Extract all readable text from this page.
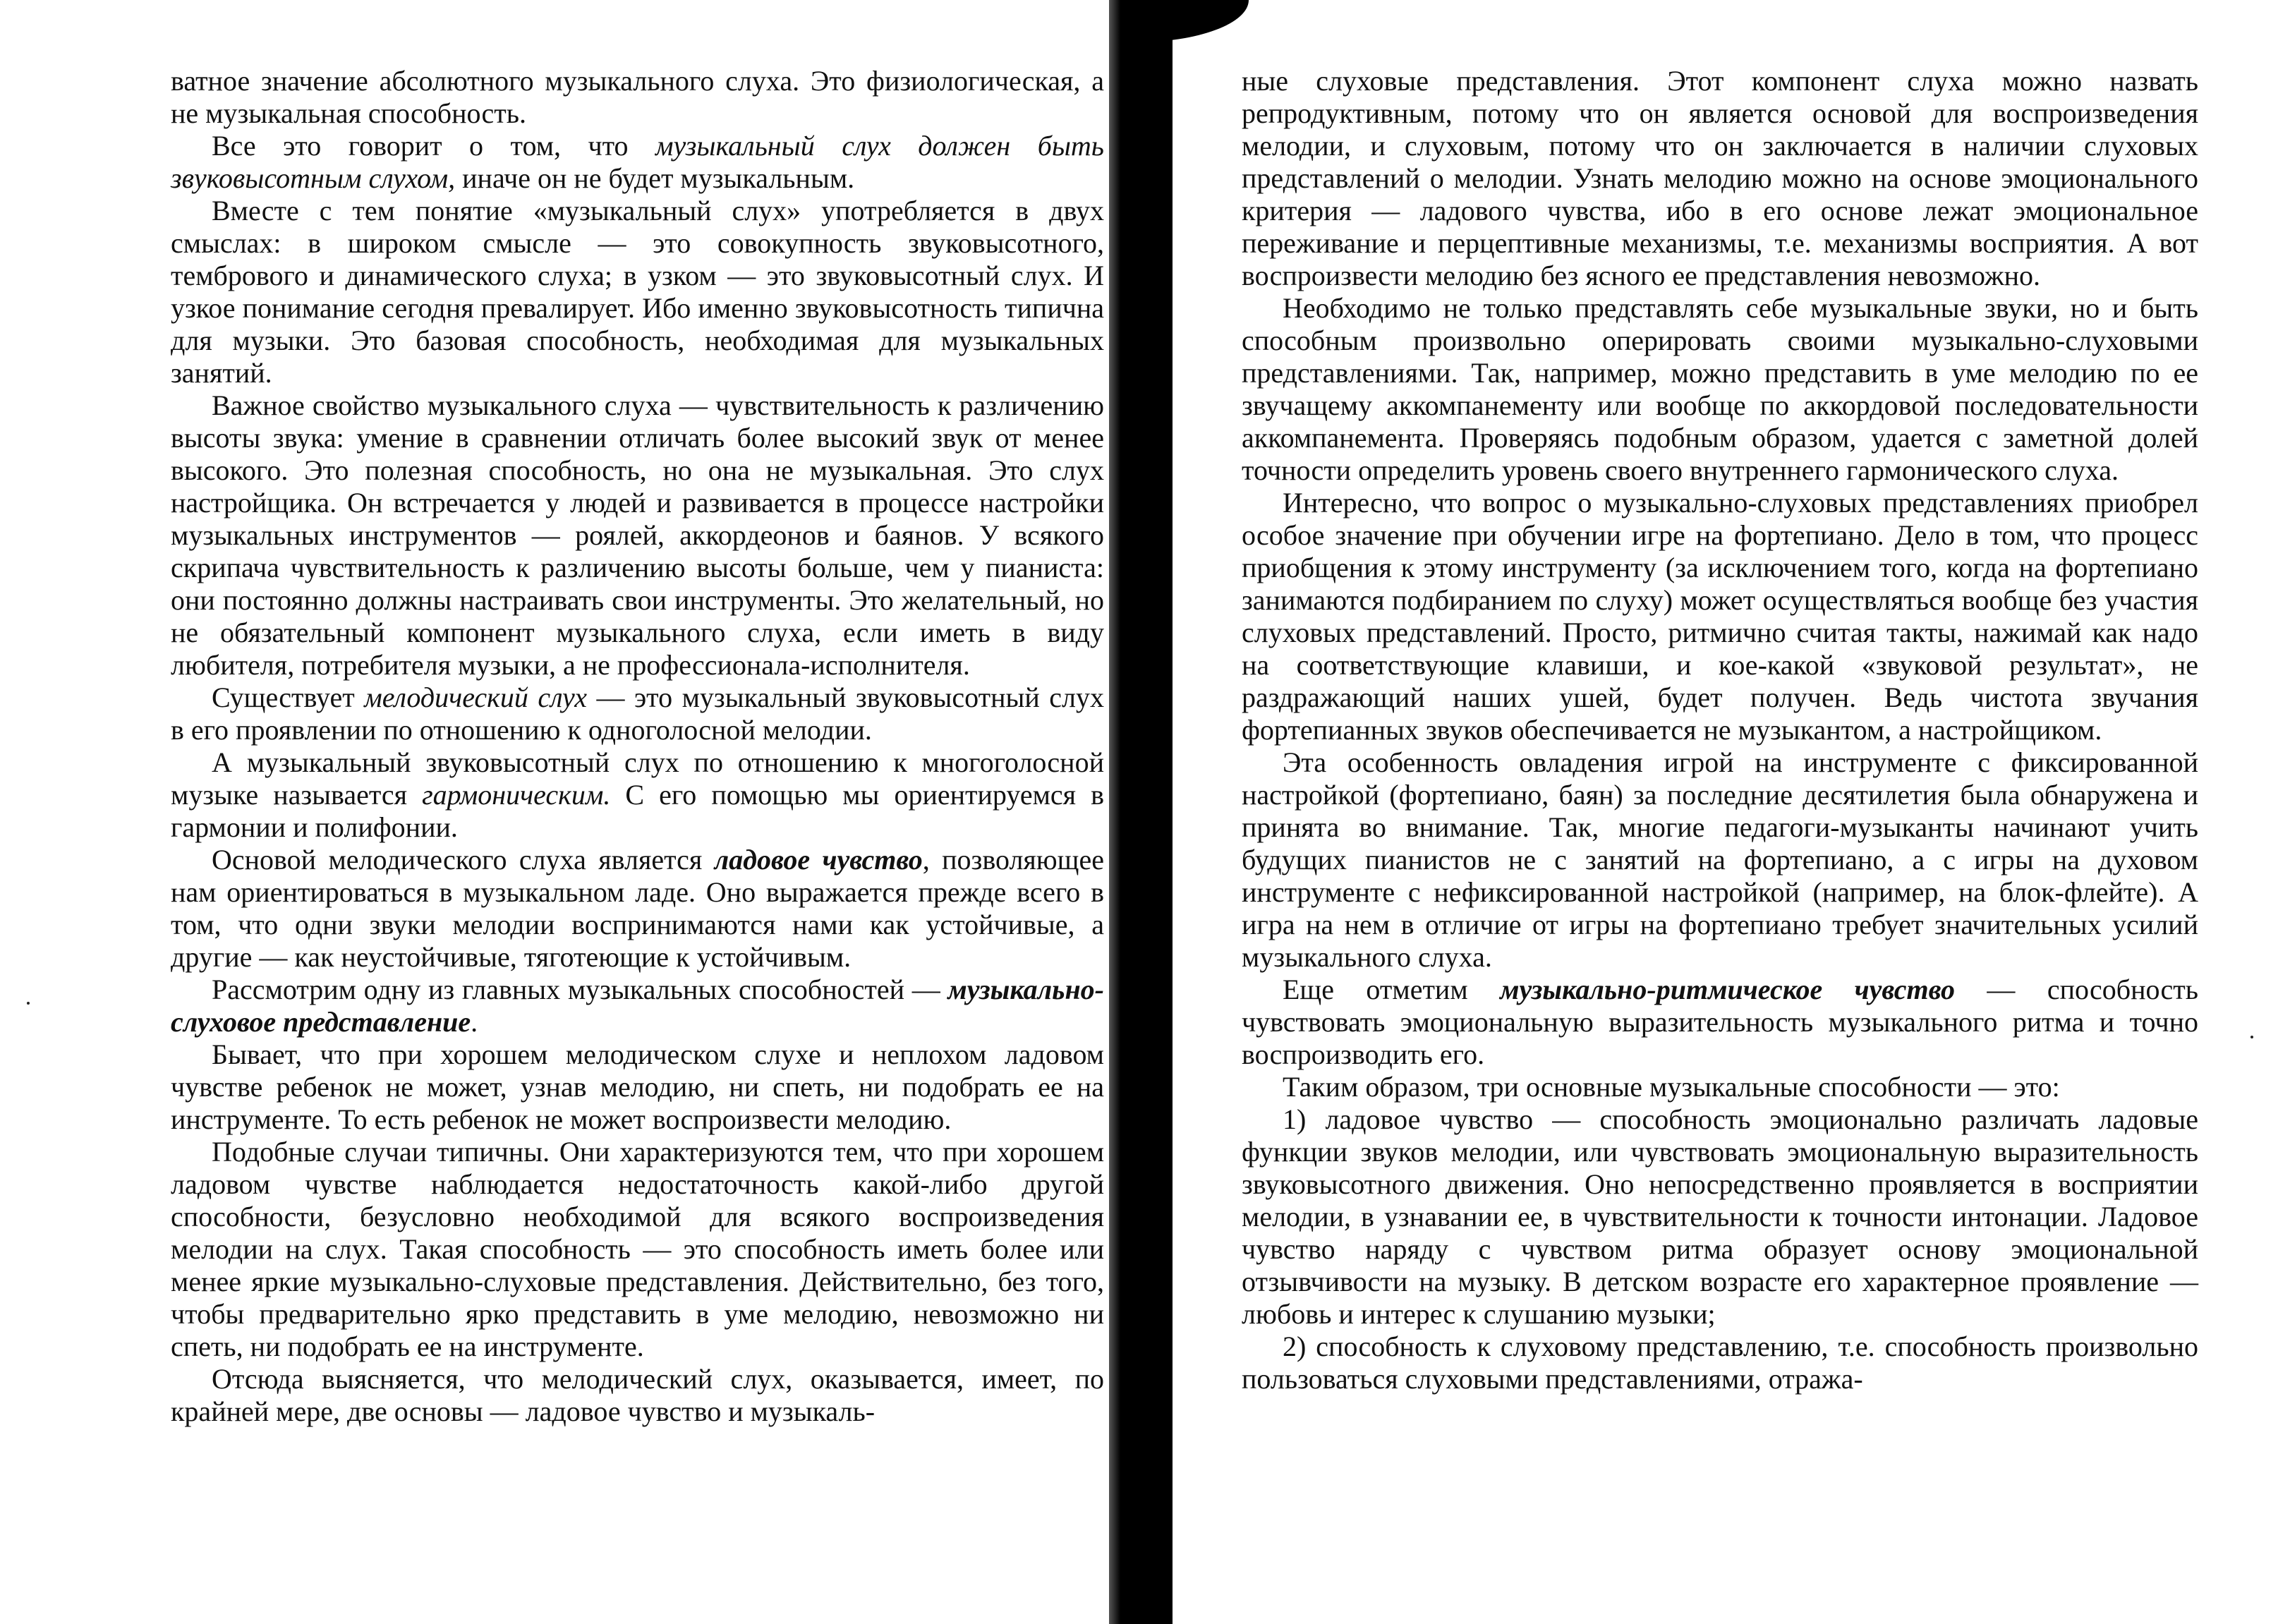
ватное значение абсолютного музыкального слуха. Это физиологическая, а не музыкальная способность.

Все это говорит о том, что музыкальный слух должен быть звуковысотным слухом, иначе он не будет музыкальным.

Вместе с тем понятие «музыкальный слух» употребляется в двух смыслах: в широком смысле — это совокупность звуковысотного, тембрового и динамического слуха; в узком — это звуковысотный слух. И узкое понимание сегодня превалирует. Ибо именно звуковысотность типична для музыки. Это базовая способность, необходимая для музыкальных занятий.

Важное свойство музыкального слуха — чувствительность к различению высоты звука: умение в сравнении отличать более высокий звук от менее высокого. Это полезная способность, но она не музыкальная. Это слух настройщика. Он встречается у людей и развивается в процессе настройки музыкальных инструментов — роялей, аккордеонов и баянов. У всякого скрипача чувствительность к различению высоты больше, чем у пианиста: они постоянно должны настраивать свои инструменты. Это желательный, но не обязательный компонент музыкального слуха, если иметь в виду любителя, потребителя музыки, а не профессионала-исполнителя.

Существует мелодический слух — это музыкальный звуковысотный слух в его проявлении по отношению к одноголосной мелодии.

А музыкальный звуковысотный слух по отношению к многоголосной музыке называется гармоническим. С его помощью мы ориентируемся в гармонии и полифонии.

Основой мелодического слуха является ладовое чувство, позволяющее нам ориентироваться в музыкальном ладе. Оно выражается прежде всего в том, что одни звуки мелодии воспринимаются нами как устойчивые, а другие — как неустойчивые, тяготеющие к устойчивым.

Рассмотрим одну из главных музыкальных способностей — музыкально-слуховое представление.

Бывает, что при хорошем мелодическом слухе и неплохом ладовом чувстве ребенок не может, узнав мелодию, ни спеть, ни подобрать ее на инструменте. То есть ребенок не может воспроизвести мелодию.

Подобные случаи типичны. Они характеризуются тем, что при хорошем ладовом чувстве наблюдается недостаточность какой-либо другой способности, безусловно необходимой для всякого воспроизведения мелодии на слух. Такая способность — это способность иметь более или менее яркие музыкально-слуховые представления. Действительно, без того, чтобы предварительно ярко представить в уме мелодию, невозможно ни спеть, ни подобрать ее на инструменте.

Отсюда выясняется, что мелодический слух, оказывается, имеет, по крайней мере, две основы — ладовое чувство и музыкаль-

ные слуховые представления. Этот компонент слуха можно назвать репродуктивным, потому что он является основой для воспроизведения мелодии, и слуховым, потому что он заключается в наличии слуховых представлений о мелодии. Узнать мелодию можно на основе эмоционального критерия — ладового чувства, ибо в его основе лежат эмоциональное переживание и перцептивные механизмы, т.е. механизмы восприятия. А вот воспроизвести мелодию без ясного ее представления невозможно.

Необходимо не только представлять себе музыкальные звуки, но и быть способным произвольно оперировать своими музыкально-слуховыми представлениями. Так, например, можно представить в уме мелодию по ее звучащему аккомпанементу или вообще по аккордовой последовательности аккомпанемента. Проверяясь подобным образом, удается с заметной долей точности определить уровень своего внутреннего гармонического слуха.

Интересно, что вопрос о музыкально-слуховых представлениях приобрел особое значение при обучении игре на фортепиано. Дело в том, что процесс приобщения к этому инструменту (за исключением того, когда на фортепиано занимаются подбиранием по слуху) может осуществляться вообще без участия слуховых представлений. Просто, ритмично считая такты, нажимай как надо на соответствующие клавиши, и кое-какой «звуковой результат», не раздражающий наших ушей, будет получен. Ведь чистота звучания фортепианных звуков обеспечивается не музыкантом, а настройщиком.

Эта особенность овладения игрой на инструменте с фиксированной настройкой (фортепиано, баян) за последние десятилетия была обнаружена и принята во внимание. Так, многие педагоги-музыканты начинают учить будущих пианистов не с занятий на фортепиано, а с игры на духовом инструменте с нефиксированной настройкой (например, на блок-флейте). А игра на нем в отличие от игры на фортепиано требует значительных усилий музыкального слуха.

Еще отметим музыкально-ритмическое чувство — способность чувствовать эмоциональную выразительность музыкального ритма и точно воспроизводить его.

Таким образом, три основные музыкальные способности — это:

1) ладовое чувство — способность эмоционально различать ладовые функции звуков мелодии, или чувствовать эмоциональную выразительность звуковысотного движения. Оно непосредственно проявляется в восприятии мелодии, в узнавании ее, в чувствительности к точности интонации. Ладовое чувство наряду с чувством ритма образует основу эмоциональной отзывчивости на музыку. В детском возрасте его характерное проявление — любовь и интерес к слушанию музыки;

2) способность к слуховому представлению, т.е. способность произвольно пользоваться слуховыми представлениями, отража-
